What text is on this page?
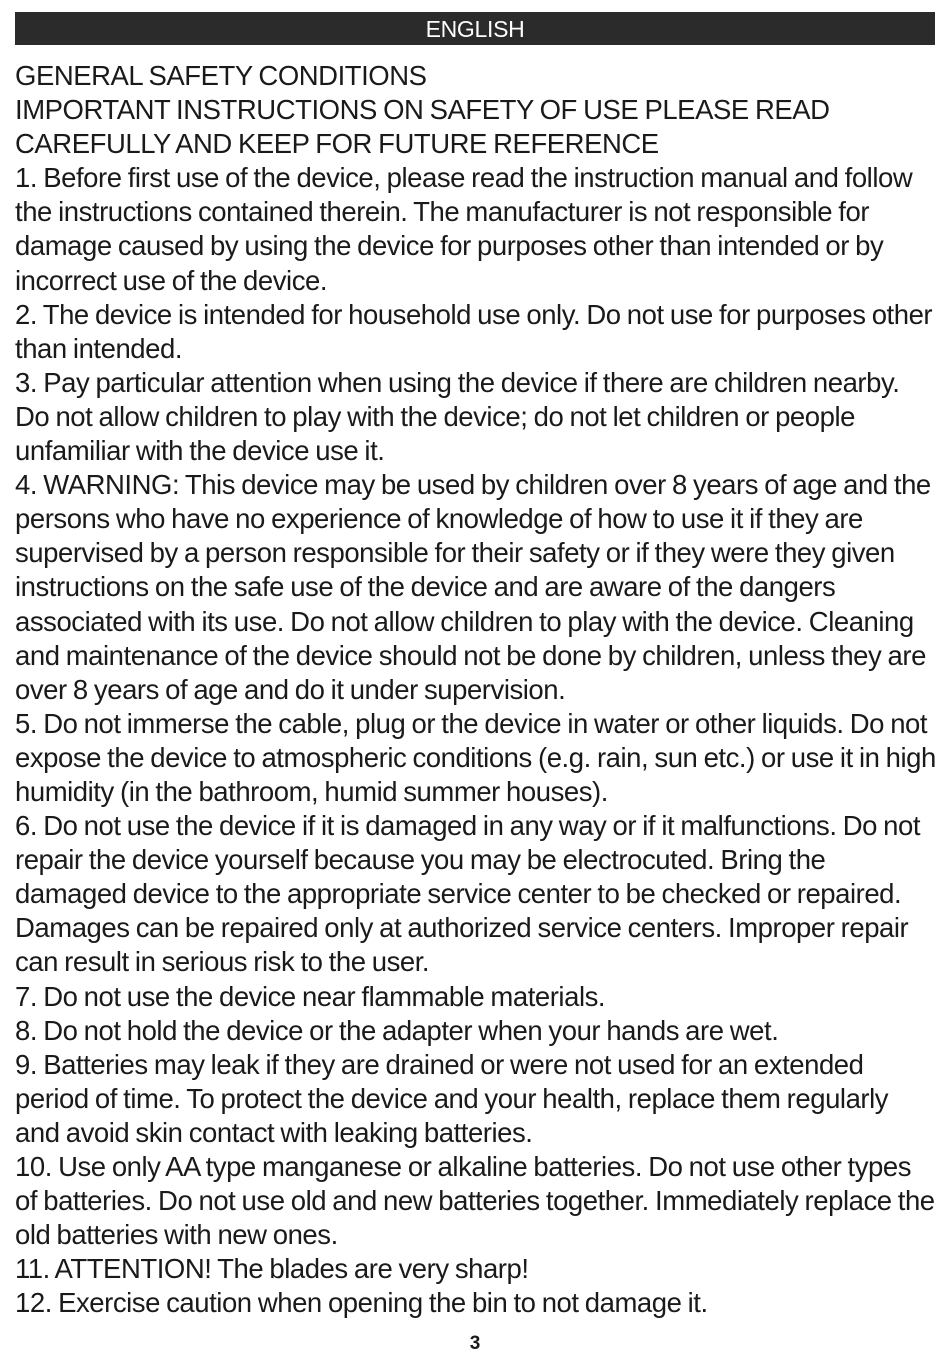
ENGLISH

GENERAL SAFETY CONDITIONS

IMPORTANT INSTRUCTIONS ON SAFETY OF USE PLEASE READ CAREFULLY AND KEEP FOR FUTURE REFERENCE

1. Before first use of the device, please read the instruction manual and follow the instructions contained therein. The manufacturer is not responsible for damage caused by using the device for purposes other than intended or by incorrect use of the device.

2. The device is intended for household use only. Do not use for purposes other than intended.

3. Pay particular attention when using the device if there are children nearby. Do not allow children to play with the device; do not let children or people unfamiliar with the device use it.

4. WARNING: This device may be used by children over 8 years of age and the persons who have no experience of knowledge of how to use it if they are supervised by a person responsible for their safety or if they were they given instructions on the safe use of the device and are aware of the dangers associated with its use. Do not allow children to play with the device. Cleaning and maintenance of the device should not be done by children, unless they are over 8 years of age and do it under supervision.

5. Do not immerse the cable, plug or the device in water or other liquids. Do not expose the device to atmospheric conditions (e.g. rain, sun etc.) or use it in high humidity (in the bathroom, humid summer houses).

6. Do not use the device if it is damaged in any way or if it malfunctions. Do not repair the device yourself because you may be electrocuted. Bring the damaged device to the appropriate service center to be checked or repaired. Damages can be repaired only at authorized service centers. Improper repair can result in serious risk to the user.

7. Do not use the device near flammable materials.

8. Do not hold the device or the adapter when your hands are wet.

9. Batteries may leak if they are drained or were not used for an extended period of time. To protect the device and your health, replace them regularly and avoid skin contact with leaking batteries.

10. Use only AA type manganese or alkaline batteries. Do not use other types of batteries. Do not use old and new batteries together. Immediately replace the old batteries with new ones.

11. ATTENTION! The blades are very sharp!

12. Exercise caution when opening the bin to not damage it.

3
